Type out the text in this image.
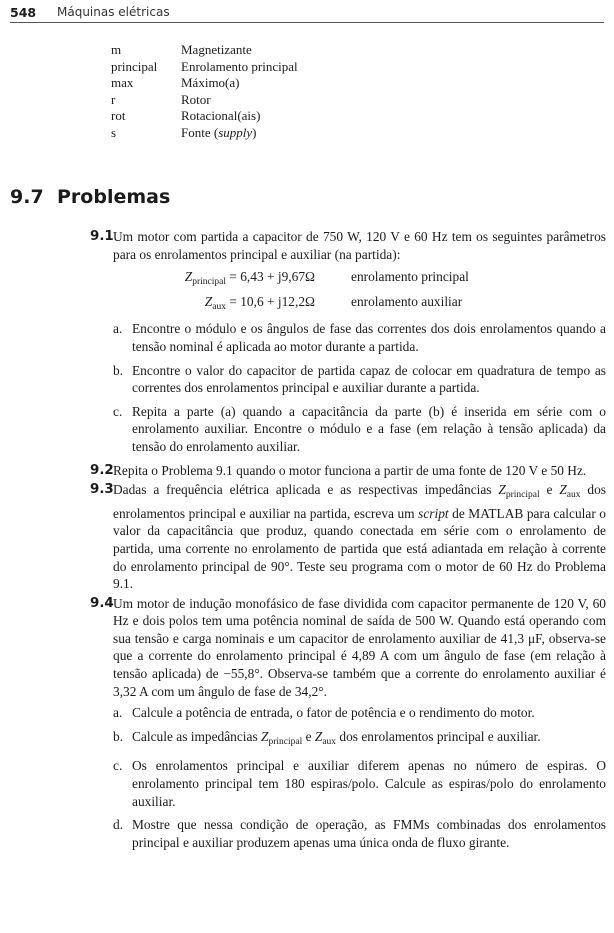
548 Máquinas elétricas
m	Magnetizante
principal	Enrolamento principal
max	Máximo(a)
r	Rotor
rot	Rotacional(ais)
s	Fonte (supply)
9.7 Problemas
9.1 Um motor com partida a capacitor de 750 W, 120 V e 60 Hz tem os seguintes parâmetros para os enrolamentos principal e auxiliar (na partida):
$Z_{principal} = 6,43 + j9,67\Omega$	enrolamento principal
$Z_{aux} = 10,6 + j12,2\Omega$	enrolamento auxiliar
a. Encontre o módulo e os ângulos de fase das correntes dos dois enrolamentos quando a tensão nominal é aplicada ao motor durante a partida.
b. Encontre o valor do capacitor de partida capaz de colocar em quadratura de tempo as correntes dos enrolamentos principal e auxiliar durante a partida.
c. Repita a parte (a) quando a capacitância da parte (b) é inserida em série com o enrolamento auxiliar. Encontre o módulo e a fase (em relação à tensão aplicada) da tensão do enrolamento auxiliar.
9.2 Repita o Problema 9.1 quando o motor funciona a partir de uma fonte de 120 V e 50 Hz.
9.3 Dadas a frequência elétrica aplicada e as respectivas impedâncias $Z_{principal}$ e $Z_{aux}$ dos enrolamentos principal e auxiliar na partida, escreva um script de MATLAB para calcular o valor da capacitância que produz, quando conectada em série com o enrolamento de partida, uma corrente no enrolamento de partida que está adiantada em relação à corrente do enrolamento principal de 90°. Teste seu programa com o motor de 60 Hz do Problema 9.1.
9.4 Um motor de indução monofásico de fase dividida com capacitor permanente de 120 V, 60 Hz e dois polos tem uma potência nominal de saída de 500 W. Quando está operando com sua tensão e carga nominais e um capacitor de enrolamento auxiliar de 41,3 μF, observa-se que a corrente do enrolamento principal é 4,89 A com um ângulo de fase (em relação à tensão aplicada) de −55,8°. Observa-se também que a corrente do enrolamento auxiliar é 3,32 A com um ângulo de fase de 34,2°.
a. Calcule a potência de entrada, o fator de potência e o rendimento do motor.
b. Calcule as impedâncias $Z_{principal}$ e $Z_{aux}$ dos enrolamentos principal e auxiliar.
c. Os enrolamentos principal e auxiliar diferem apenas no número de espiras. O enrolamento principal tem 180 espiras/polo. Calcule as espiras/polo do enrolamento auxiliar.
d. Mostre que nessa condição de operação, as FMMs combinadas dos enrolamentos principal e auxiliar produzem apenas uma única onda de fluxo girante.
